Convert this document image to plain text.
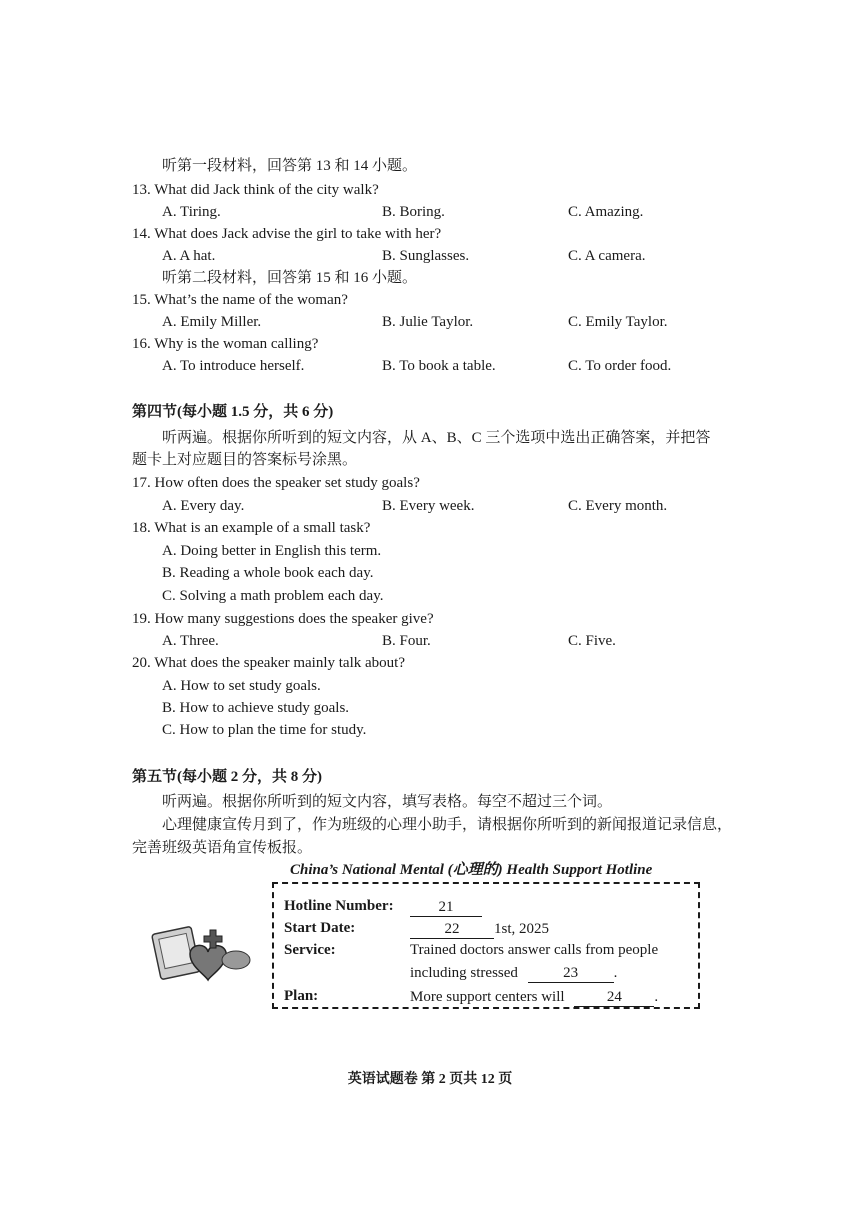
听第一段材料，回答第 13 和 14 小题。
13. What did Jack think of the city walk?
A. Tiring.	B. Boring.	C. Amazing.
14. What does Jack advise the girl to take with her?
A. A hat.	B. Sunglasses.	C. A camera.
听第二段材料，回答第 15 和 16 小题。
15. What’s the name of the woman?
A. Emily Miller.	B. Julie Taylor.	C. Emily Taylor.
16. Why is the woman calling?
A. To introduce herself.	B. To book a table.	C. To order food.
第四节(每小题 1.5 分，共 6 分)
听两遍。根据你所听到的短文内容，从 A、B、C 三个选项中选出正确答案，并把答
题卡上对应题目的答案标号涂黑。
17. How often does the speaker set study goals?
A. Every day.	B. Every week.	C. Every month.
18. What is an example of a small task?
A. Doing better in English this term.
B. Reading a whole book each day.
C. Solving a math problem each day.
19. How many suggestions does the speaker give?
A. Three.	B. Four.	C. Five.
20. What does the speaker mainly talk about?
A. How to set study goals.
B. How to achieve study goals.
C. How to plan the time for study.
第五节(每小题 2 分，共 8 分)
听两遍。根据你所听到的短文内容，填写表格。每空不超过三个词。
心理健康宣传月到了，作为班级的心理小助手，请根据你所听到的新闻报道记录信息，
完善班级英语角宣传板报。
China’s National Mental (心理的) Health Support Hotline
Hotline Number:	21
Start Date:	22 1st, 2025
Service:	Trained doctors answer calls from people
including stressed	23 .
Plan:	More support centers will	24 .
英语试题卷 第 2 页共 12 页
